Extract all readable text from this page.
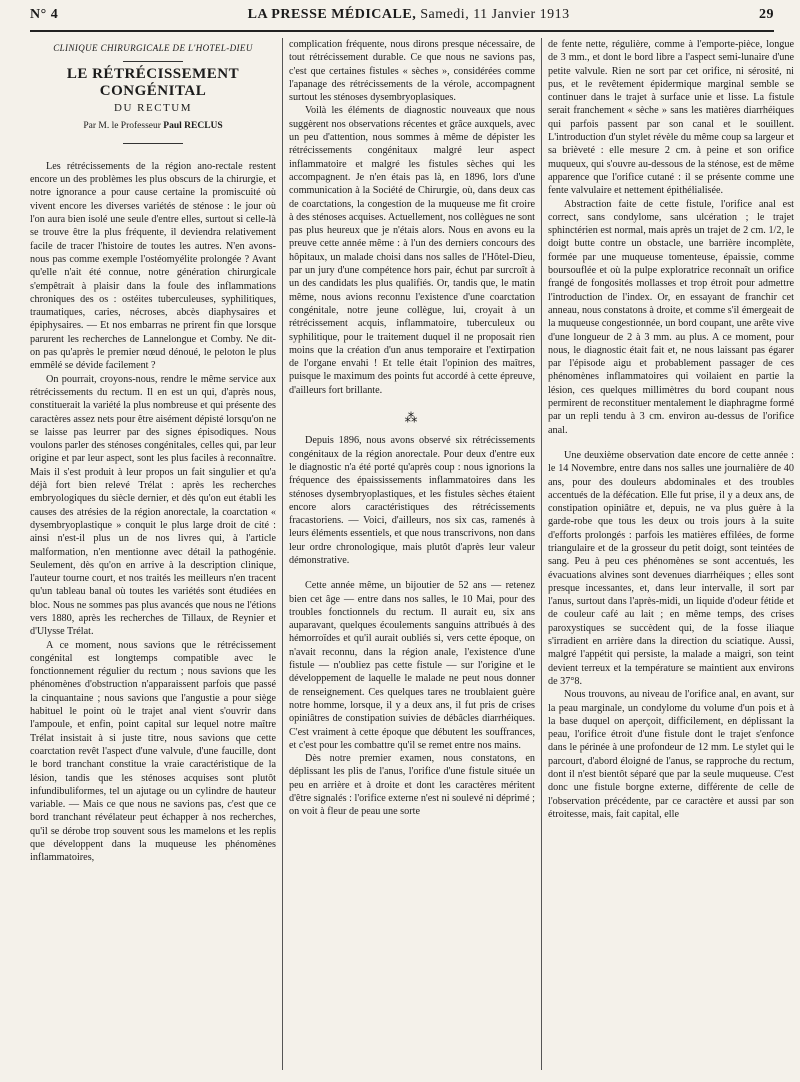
N° 4	LA PRESSE MÉDICALE, Samedi, 11 Janvier 1913	29
CLINIQUE CHIRURGICALE DE L'HOTEL-DIEU
LE RÉTRÉCISSEMENT CONGÉNITAL
DU RECTUM
Par M. le Professeur Paul RECLUS

Les rétrécissements de la région ano-rectale restent encore un des problèmes les plus obscurs de la chirurgie, et notre ignorance a pour cause certaine la promiscuité où vivent encore les diverses variétés de sténose : le jour où l'on aura bien isolé une seule d'entre elles, surtout si celle-là se trouve être la plus fréquente, il deviendra relativement facile de tracer l'histoire de toutes les autres. N'en avons-nous pas comme exemple l'ostéomyélite prolongée ? Avant qu'elle n'ait été connue, notre génération chirurgicale s'empêtrait à plaisir dans la foule des inflammations chroniques des os : ostéites tuberculeuses, syphilitiques, traumatiques, caries, nécroses, abcès diaphysaires et épiphysaires. — Et nos embarras ne prirent fin que lorsque parurent les recherches de Lannelongue et Comby. Ne dit-on pas qu'après le premier nœud dénoué, le peloton le plus emmêlé se dévide facilement ?

On pourrait, croyons-nous, rendre le même service aux rétrécissements du rectum. Il en est un qui, d'après nous, constituerait la variété la plus nombreuse et qui présente des caractères assez nets pour être aisément dépisté lorsqu'on ne se laisse pas leurrer par des signes épisodiques. Nous voulons parler des sténoses congénitales, celles qui, par leur origine et par leur aspect, sont les plus faciles à reconnaître. Mais il s'est produit à leur propos un fait singulier et qu'a déjà fort bien relevé Trélat : après les recherches embryologiques du siècle dernier, et dès qu'on eut établi les causes des atrésies de la région anorectale, la coarctation « dysembryoplastique » conquit le plus large droit de cité : ainsi n'est-il plus un de nos livres qui, à l'article malformation, n'en mentionne avec détail la pathogénie. Seulement, dès qu'on en arrive à la description clinique, l'auteur tourne court, et nos traités les meilleurs n'en tracent qu'un tableau banal où toutes les variétés sont étudiées en bloc. Nous ne sommes pas plus avancés que nous ne l'étions vers 1880, après les recherches de Tillaux, de Reynier et d'Ulysse Trélat.

A ce moment, nous savions que le rétrécissement congénital est longtemps compatible avec le fonctionnement régulier du rectum ; nous savions que les phénomènes d'obstruction n'apparaissent parfois que passé la cinquantaine ; nous savions que l'angustie a pour siège habituel le point où le trajet anal vient s'ouvrir dans l'ampoule, et enfin, point capital sur lequel notre maître Trélat insistait à si juste titre, nous savions que cette coarctation revêt l'aspect d'une valvule, d'une faucille, dont le bord tranchant constitue la vraie caractéristique de la lésion, tandis que les sténoses acquises sont plutôt infundibuliformes, tel un ajutage ou un cylindre de hauteur variable. — Mais ce que nous ne savions pas, c'est que ce bord tranchant révélateur peut échapper à nos recherches, qu'il se dérobe trop souvent sous les mamelons et les replis que développent dans la muqueuse les phénomènes inflammatoires,

complication fréquente, nous dirons presque nécessaire, de tout rétrécissement durable. Ce que nous ne savions pas, c'est que certaines fistules « sèches », considérées comme l'apanage des rétrécissements de la vérole, accompagnent surtout les sténoses dysembryoplasiques.

Voilà les éléments de diagnostic nouveaux que nous suggèrent nos observations récentes et grâce auxquels, avec un peu d'attention, nous sommes à même de dépister les rétrécissements congénitaux malgré leur aspect inflammatoire et malgré les fistules sèches qui les accompagnent. Je n'en étais pas là, en 1896, lors d'une communication à la Société de Chirurgie, où, dans deux cas de coarctations, la congestion de la muqueuse me fit croire à des sténoses acquises. Actuellement, nos collègues ne sont pas plus heureux que je n'étais alors. Nous en avons eu la preuve cette année même : à l'un des derniers concours des hôpitaux, un malade choisi dans nos salles de l'Hôtel-Dieu, par un jury d'une compétence hors pair, échut par surcroît à un des candidats les plus qualifiés. Or, tandis que, le matin même, nous avions reconnu l'existence d'une coarctation congénitale, notre jeune collègue, lui, croyait à un rétrécissement acquis, inflammatoire, tuberculeux ou syphilitique, pour le traitement duquel il ne proposait rien moins que la création d'un anus temporaire et l'extirpation de l'organe envahi ! Et telle était l'opinion des maîtres, puisque le maximum des points fut accordé à cette épreuve, d'ailleurs fort brillante.

⁂

Depuis 1896, nous avons observé six rétrécissements congénitaux de la région anorectale. Pour deux d'entre eux le diagnostic n'a été porté qu'après coup : nous ignorions la fréquence des épaississements inflammatoires dans les sténoses dysembryoplastiques, et les fistules sèches étaient encore alors caractéristiques des rétrécissements fracastoriens. — Voici, d'ailleurs, nos six cas, ramenés à leurs éléments essentiels, et que nous transcrivons, non dans leur ordre chronologique, mais plutôt d'après leur valeur démonstrative.

Cette année même, un bijoutier de 52 ans — retenez bien cet âge — entre dans nos salles, le 10 Mai, pour des troubles fonctionnels du rectum. Il aurait eu, six ans auparavant, quelques écoulements sanguins attribués à des hémorroïdes et qu'il aurait oubliés si, vers cette époque, on n'avait reconnu, dans la région anale, l'existence d'une fistule — n'oubliez pas cette fistule — sur l'origine et le développement de laquelle le malade ne peut nous donner de renseignement. Ces quelques tares ne troublaient guère notre homme, lorsque, il y a deux ans, il fut pris de crises opiniâtres de constipation suivies de débâcles diarrhéiques. C'est vraiment à cette époque que débutent les souffrances, et c'est pour les combattre qu'il se remet entre nos mains.

Dès notre premier examen, nous constatons, en déplissant les plis de l'anus, l'orifice d'une fistule située un peu en arrière et à droite et dont les caractères méritent d'être signalés : l'orifice externe n'est ni soulevé ni déprimé ; on voit à fleur de peau une sorte

de fente nette, régulière, comme à l'emporte-pièce, longue de 3 mm., et dont le bord libre a l'aspect semi-lunaire d'une petite valvule. Rien ne sort par cet orifice, ni sérosité, ni pus, et le revêtement épidermique marginal semble se continuer dans le trajet à surface unie et lisse. La fistule serait franchement « sèche » sans les matières diarrhéiques qui parfois passent par son canal et le souillent. L'introduction d'un stylet révèle du même coup sa largeur et sa brièveté : elle mesure 2 cm. à peine et son orifice muqueux, qui s'ouvre au-dessous de la sténose, est de même apparence que l'orifice cutané : il se présente comme une fente valvulaire et nettement épithélialisée.

Abstraction faite de cette fistule, l'orifice anal est correct, sans condylome, sans ulcération ; le trajet sphinctérien est normal, mais après un trajet de 2 cm. 1/2, le doigt butte contre un obstacle, une barrière incomplète, formée par une muqueuse tomenteuse, épaissie, comme boursouflée et où la pulpe exploratrice reconnaît un orifice frangé de fongosités mollasses et trop étroit pour admettre l'introduction de l'index. Or, en essayant de franchir cet anneau, nous constatons à droite, et comme s'il émergeait de la muqueuse congestionnée, un bord coupant, une arête vive d'une longueur de 2 à 3 mm. au plus. A ce moment, pour nous, le diagnostic était fait et, ne nous laissant pas égarer par l'épisode aigu et probablement passager de ces phénomènes inflammatoires qui voilaient en partie la lésion, ces quelques millimètres du bord coupant nous permirent de reconstituer mentalement le diaphragme formé par un repli tendu à 3 cm. environ au-dessus de l'orifice anal.

Une deuxième observation date encore de cette année : le 14 Novembre, entre dans nos salles une journalière de 40 ans, pour des douleurs abdominales et des troubles accentués de la défécation. Elle fut prise, il y a deux ans, de constipation opiniâtre et, depuis, ne va plus guère à la garde-robe que tous les deux ou trois jours à la suite d'efforts prolongés : parfois les matières effilées, de forme triangulaire et de la grosseur du petit doigt, sont teintées de sang. Peu à peu ces phénomènes se sont accentués, les évacuations alvines sont devenues diarrhéiques ; elles sont presque incessantes, et, dans leur intervalle, il sort par l'anus, surtout dans l'après-midi, un liquide d'odeur fétide et de couleur café au lait ; en même temps, des crises paroxystiques se succèdent qui, de la fosse iliaque s'irradient en arrière dans la direction du sciatique. Aussi, malgré l'appétit qui persiste, la malade a maigri, son teint devient terreux et la température se maintient aux environs de 37°8.

Nous trouvons, au niveau de l'orifice anal, en avant, sur la peau marginale, un condylome du volume d'un pois et à la base duquel on aperçoit, difficilement, en déplissant la peau, l'orifice étroit d'une fistule dont le trajet s'enfonce dans le périnée à une profondeur de 12 mm. Le stylet qui le parcourt, d'abord éloigné de l'anus, se rapproche du rectum, dont il n'est bientôt séparé que par la seule muqueuse. C'est donc une fistule borgne externe, différente de celle de l'observation précédente, par ce caractère et aussi par son étroitesse, mais, fait capital, elle
